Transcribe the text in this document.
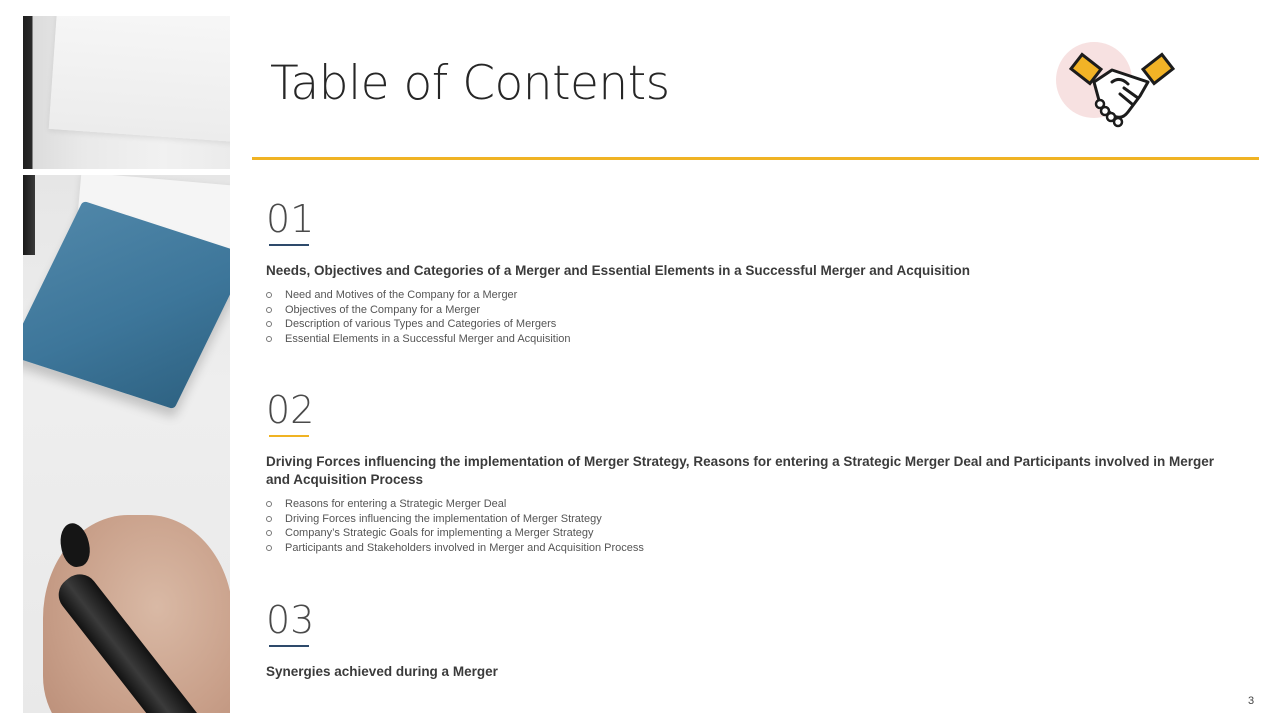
Table of Contents
01
Needs, Objectives and Categories of a Merger and Essential Elements in a Successful Merger and Acquisition
Need and Motives of the Company for a Merger
Objectives of the Company for a Merger
Description of various Types and Categories of Mergers
Essential Elements in a Successful Merger and Acquisition
02
Driving Forces influencing the implementation of Merger Strategy, Reasons for entering a Strategic Merger Deal and Participants involved in Merger and Acquisition Process
Reasons for entering a Strategic Merger Deal
Driving Forces influencing the implementation of Merger Strategy
Company’s Strategic Goals for implementing a Merger Strategy
Participants and Stakeholders involved in Merger and Acquisition Process
03
Synergies achieved during a Merger
3
